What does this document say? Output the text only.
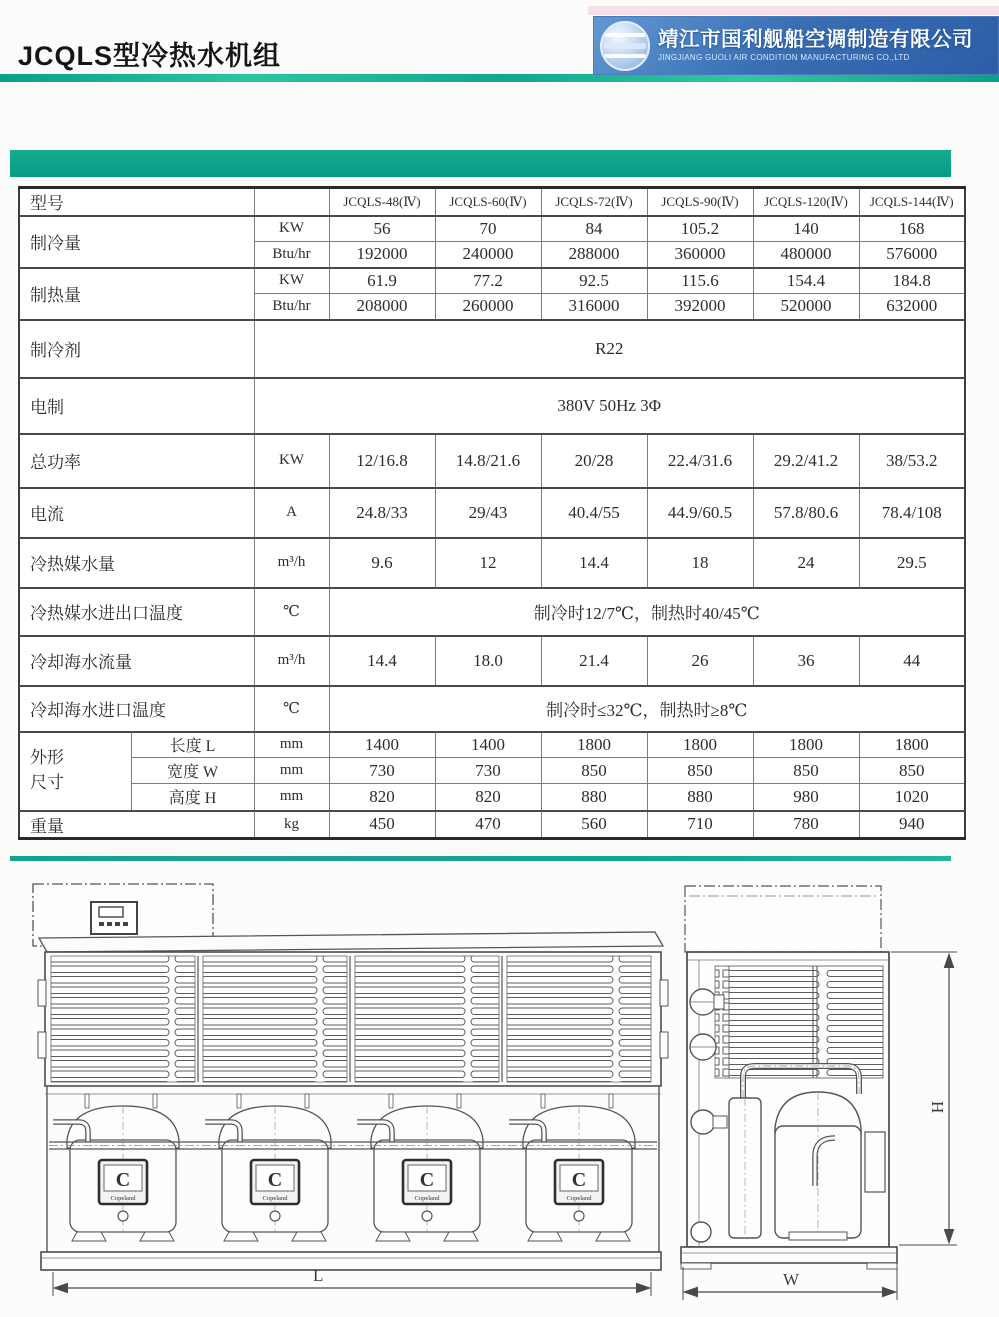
JCQLS型冷热水机组
靖江市国利舰船空调制造有限公司
JINGJIANG GUOLI AIR CONDITION MANUFACTURING CO.,LTD
型号			JCQLS-48(Ⅳ)	JCQLS-60(Ⅳ)	JCQLS-72(Ⅳ)	JCQLS-90(Ⅳ)	JCQLS-120(Ⅳ)	JCQLS-144(Ⅳ)
制冷量		KW	56	70	84	105.2	140	168
		Btu/hr	192000	240000	288000	360000	480000	576000
制热量		KW	61.9	77.2	92.5	115.6	154.4	184.8
		Btu/hr	208000	260000	316000	392000	520000	632000
制冷剂		R22						
电制		380V 50Hz 3Φ						
总功率		KW	12/16.8	14.8/21.6	20/28	22.4/31.6	29.2/41.2	38/53.2
电流		A	24.8/33	29/43	40.4/55	44.9/60.5	57.8/80.6	78.4/108
冷热媒水量		m³/h	9.6	12	14.4	18	24	29.5
冷热媒水进出口温度		℃	制冷时12/7℃，制热时40/45℃					
冷却海水流量		m³/h	14.4	18.0	21.4	26	36	44
冷却海水进口温度		℃	制冷时≤32℃，制热时≥8℃					
外形
尺寸	长度 L	mm	1400	1400	1800	1800	1800	1800
	宽度 W	mm	730	730	850	850	850	850
	高度 H	mm	820	820	880	880	980	1020
重量		kg	450	470	560	710	780	940
L
H
W
